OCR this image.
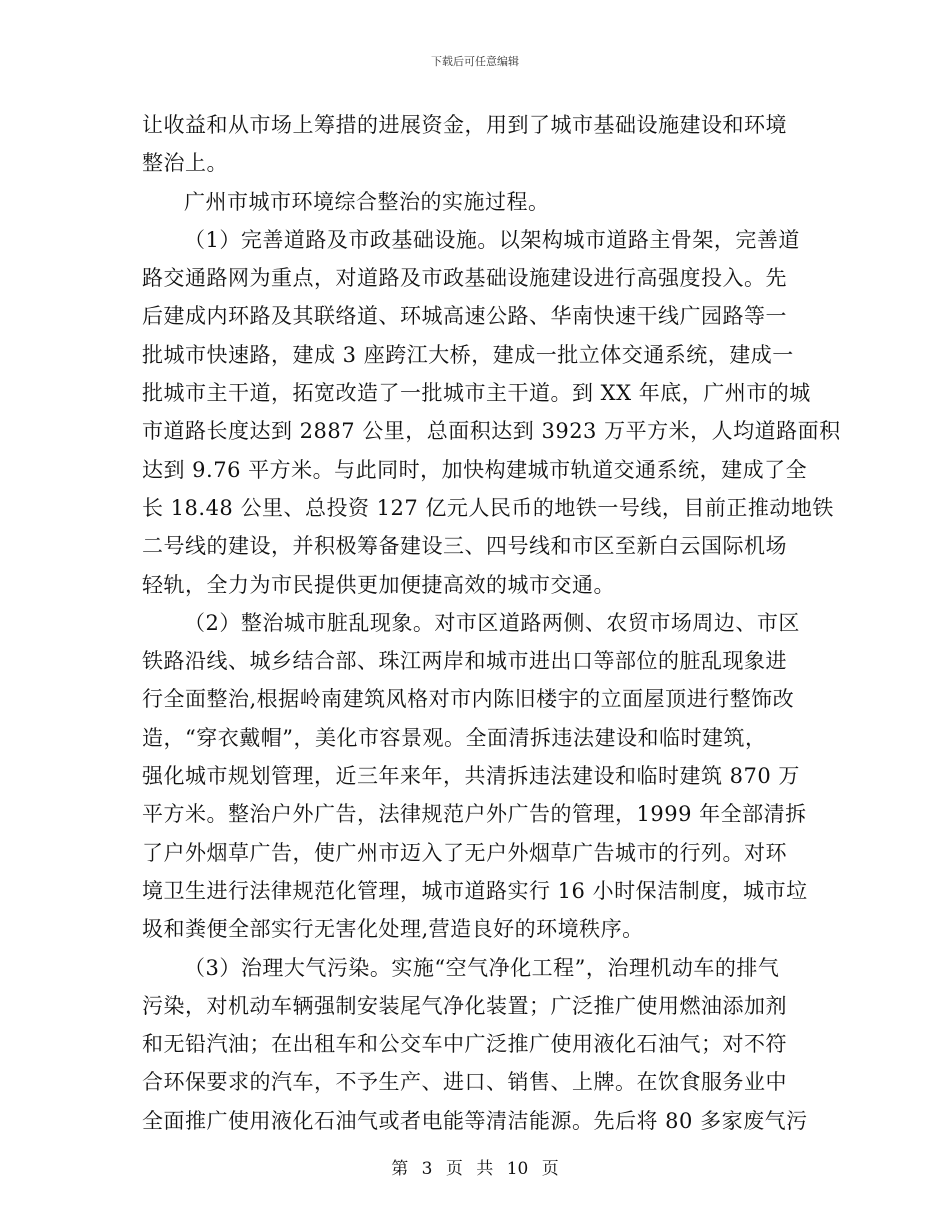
下载后可任意编辑
让收益和从市场上筹措的进展资金，用到了城市基础设施建设和环境
整治上。
广州市城市环境综合整治的实施过程。
（1）完善道路及市政基础设施。以架构城市道路主骨架，完善道
路交通路网为重点，对道路及市政基础设施建设进行高强度投入。先
后建成内环路及其联络道、环城高速公路、华南快速干线广园路等一
批城市快速路，建成 3 座跨江大桥，建成一批立体交通系统，建成一
批城市主干道，拓宽改造了一批城市主干道。到 XX 年底，广州市的城
市道路长度达到 2887 公里，总面积达到 3923 万平方米，人均道路面积
达到 9.76 平方米。与此同时，加快构建城市轨道交通系统，建成了全
长 18.48 公里、总投资 127 亿元人民币的地铁一号线，目前正推动地铁
二号线的建设，并积极筹备建设三、四号线和市区至新白云国际机场
轻轨，全力为市民提供更加便捷高效的城市交通。
（2）整治城市脏乱现象。对市区道路两侧、农贸市场周边、市区
铁路沿线、城乡结合部、珠江两岸和城市进出口等部位的脏乱现象进
行全面整治,根据岭南建筑风格对市内陈旧楼宇的立面屋顶进行整饰改
造，“穿衣戴帽”，美化市容景观。全面清拆违法建设和临时建筑，
强化城市规划管理，近三年来年，共清拆违法建设和临时建筑 870 万
平方米。整治户外广告，法律规范户外广告的管理，1999 年全部清拆
了户外烟草广告，使广州市迈入了无户外烟草广告城市的行列。对环
境卫生进行法律规范化管理，城市道路实行 16 小时保洁制度，城市垃
圾和粪便全部实行无害化处理,营造良好的环境秩序。
（3）治理大气污染。实施“空气净化工程”，治理机动车的排气
污染，对机动车辆强制安装尾气净化装置；广泛推广使用燃油添加剂
和无铅汽油；在出租车和公交车中广泛推广使用液化石油气；对不符
合环保要求的汽车，不予生产、进口、销售、上牌。在饮食服务业中
全面推广使用液化石油气或者电能等清洁能源。先后将 80 多家废气污
第 3 页 共 10 页
